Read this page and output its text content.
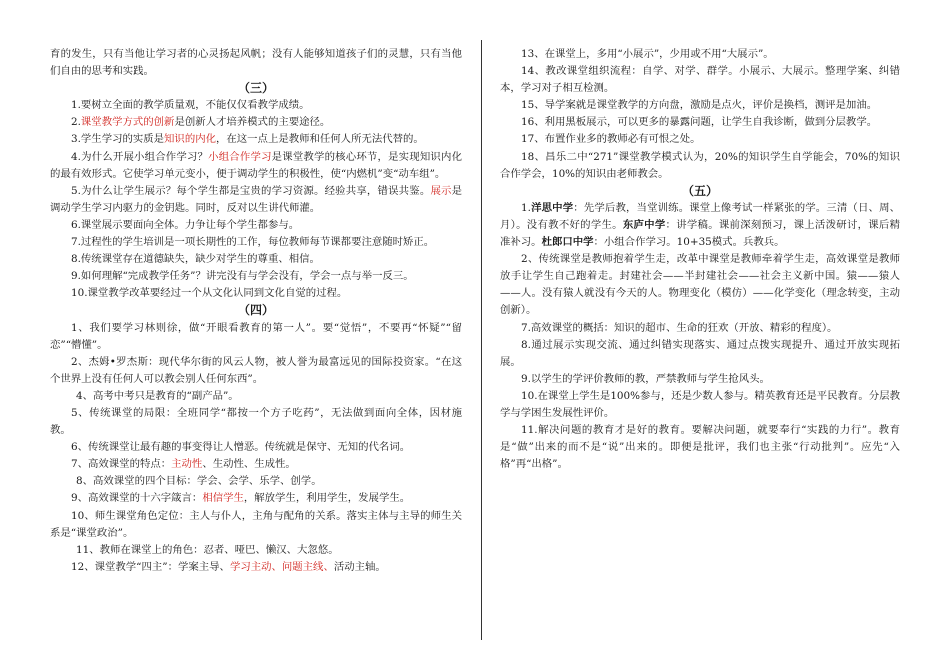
育的发生，只有当他让学习者的心灵扬起风帆；没有人能够知道孩子们的灵慧，只有当他们自由的思考和实践。

（三）

1.要树立全面的教学质量观，不能仅仅看教学成绩。

2.课堂教学方式的创新是创新人才培养模式的主要途径。

3.学生学习的实质是知识的内化，在这一点上是教师和任何人所无法代替的。

4.为什么开展小组合作学习？小组合作学习是课堂教学的核心环节，是实现知识内化的最有效形式。它使学习单元变小，便于调动学生的积极性，使“内燃机”变“动车组”。

5.为什么让学生展示？每个学生都是宝贵的学习资源。经验共享，错误共鉴。展示是调动学生学习内驱力的金钥匙。同时，反对以生讲代师灌。

6.课堂展示要面向全体。力争让每个学生都参与。

7.过程性的学生培训是一项长期性的工作，每位教师每节课都要注意随时矫正。

8.传统课堂存在道德缺失，缺少对学生的尊重、相信。

9.如何理解“完成教学任务”？讲完没有与学会没有，学会一点与举一反三。

10.课堂教学改革要经过一个从文化认同到文化自觉的过程。

（四）

1、我们要学习林则徐，做“开眼看教育的第一人”。要“觉悟”，不要再“怀疑”“留恋”“懵懂”。

2、杰姆•罗杰斯：现代华尔街的风云人物，被人誉为最富远见的国际投资家。“在这个世界上没有任何人可以教会别人任何东西”。

4、高考中考只是教育的“副产品”。

5、传统课堂的局限：全班同学“都按一个方子吃药”，无法做到面向全体，因材施教。

6、传统课堂让最有趣的事变得让人憎恶。传统就是保守、无知的代名词。

7、高效课堂的特点：主动性、生动性、生成性。

8、高效课堂的四个目标：学会、会学、乐学、创学。

9、高效课堂的十六字箴言：相信学生，解放学生，利用学生，发展学生。

10、师生课堂角色定位：主人与仆人，主角与配角的关系。落实主体与主导的师生关系是“课堂政治”。

11、教师在课堂上的角色：忍者、哑巴、懒汉、大忽悠。

12、课堂教学“四主”：学案主导、学习主动、问题主线、活动主轴。

13、在课堂上，多用“小展示”，少用或不用“大展示”。

14、教改课堂组织流程：自学、对学、群学。小展示、大展示。整理学案、纠错本，学习对子相互检测。

15、导学案就是课堂教学的方向盘，激励是点火，评价是换档，测评是加油。

16、利用黑板展示，可以更多的暴露问题，让学生自我诊断，做到分层教学。

17、布置作业多的教师必有可恨之处。

18、昌乐二中“271”课堂教学模式认为，20%的知识学生自学能会，70%的知识合作学会，10%的知识由老师教会。

（五）

1.洋思中学：先学后教，当堂训练。课堂上像考试一样紧张的学。三清（日、周、月）。没有教不好的学生。东庐中学：讲学稿。课前深刻预习，课上活泼研讨，课后精准补习。杜郎口中学：小组合作学习。10+35模式。兵教兵。

2、传统课堂是教师抱着学生走，改革中课堂是教师牵着学生走，高效课堂是教师放手让学生自己跑着走。封建社会——半封建社会——社会主义新中国。猿——猿人——人。没有猿人就没有今天的人。物理变化（模仿）——化学变化（理念转变，主动创新）。

7.高效课堂的概括：知识的超市、生命的狂欢（开放、精彩的程度）。

8.通过展示实现交流、通过纠错实现落实、通过点拨实现提升、通过开放实现拓展。

9.以学生的学评价教师的教，严禁教师与学生抢风头。

10.在课堂上学生是100%参与，还是少数人参与。精英教育还是平民教育。分层教学与学困生发展性评价。

11.解决问题的教育才是好的教育。要解决问题，就要奉行“实践的力行”。教育是“做”出来的而不是“说”出来的。即便是批评，我们也主张“行动批判”。应先“入格”再“出格”。
